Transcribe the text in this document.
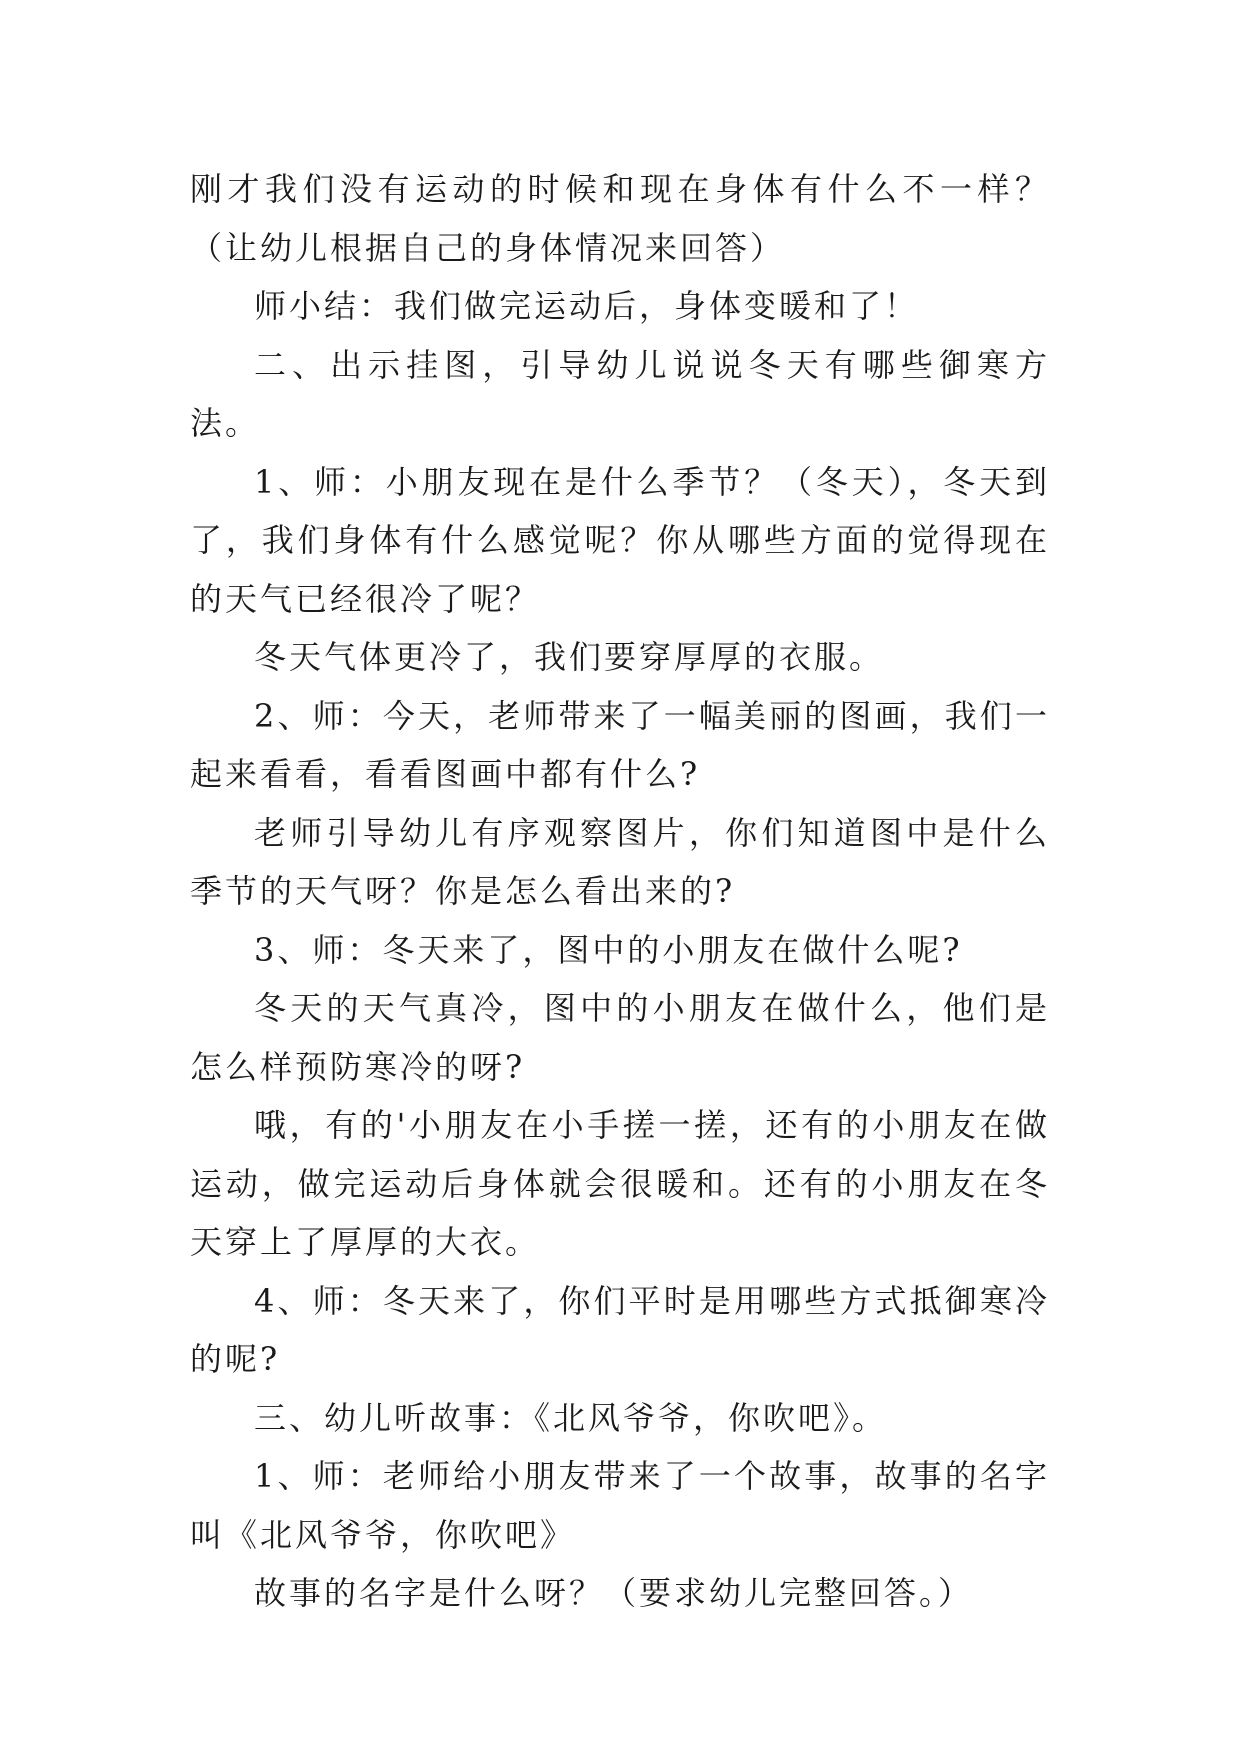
刚才我们没有运动的时候和现在身体有什么不一样？（让幼儿根据自己的身体情况来回答）

师小结：我们做完运动后，身体变暖和了！

二、出示挂图，引导幼儿说说冬天有哪些御寒方法。

1、师：小朋友现在是什么季节？（冬天），冬天到了，我们身体有什么感觉呢？你从哪些方面的觉得现在的天气已经很冷了呢？

冬天气体更冷了，我们要穿厚厚的衣服。

2、师：今天，老师带来了一幅美丽的图画，我们一起来看看，看看图画中都有什么?

老师引导幼儿有序观察图片，你们知道图中是什么季节的天气呀？你是怎么看出来的?

3、师：冬天来了，图中的小朋友在做什么呢?

冬天的天气真冷，图中的小朋友在做什么，他们是怎么样预防寒冷的呀?

哦，有的'小朋友在小手搓一搓，还有的小朋友在做运动，做完运动后身体就会很暖和。还有的小朋友在冬天穿上了厚厚的大衣。

4、师：冬天来了，你们平时是用哪些方式抵御寒冷的呢?

三、幼儿听故事：《北风爷爷，你吹吧》。

1、师：老师给小朋友带来了一个故事，故事的名字叫《北风爷爷，你吹吧》

故事的名字是什么呀？（要求幼儿完整回答。）
